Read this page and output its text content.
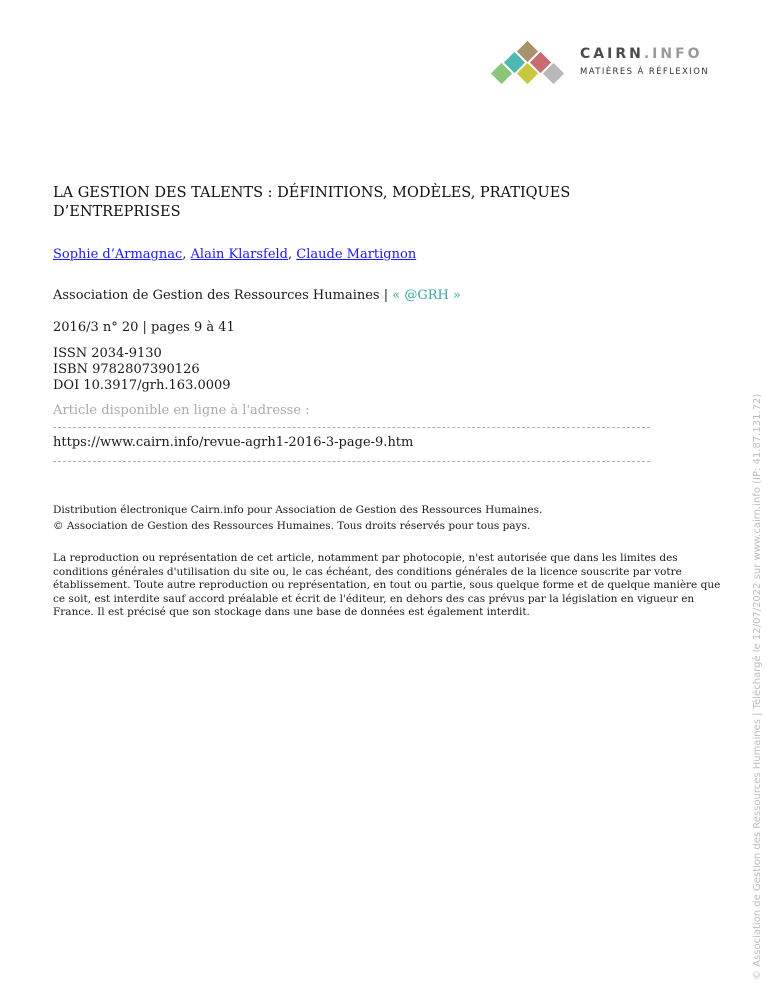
CAIRN.INFO
MATIÈRES À RÉFLEXION
LA GESTION DES TALENTS : DÉFINITIONS, MODÈLES, PRATIQUES D’ENTREPRISES
Sophie d’Armagnac, Alain Klarsfeld, Claude Martignon
Association de Gestion des Ressources Humaines | « @GRH »
2016/3 n° 20 | pages 9 à 41
ISSN 2034-9130
ISBN 9782807390126
DOI 10.3917/grh.163.0009
Article disponible en ligne à l'adresse :
https://www.cairn.info/revue-agrh1-2016-3-page-9.htm
Distribution électronique Cairn.info pour Association de Gestion des Ressources Humaines.
© Association de Gestion des Ressources Humaines. Tous droits réservés pour tous pays.
La reproduction ou représentation de cet article, notamment par photocopie, n'est autorisée que dans les limites des conditions générales d'utilisation du site ou, le cas échéant, des conditions générales de la licence souscrite par votre établissement. Toute autre reproduction ou représentation, en tout ou partie, sous quelque forme et de quelque manière que ce soit, est interdite sauf accord préalable et écrit de l'éditeur, en dehors des cas prévus par la législation en vigueur en France. Il est précisé que son stockage dans une base de données est également interdit.	© Association de Gestion des Ressources Humaines | Téléchargé le 12/07/2022 sur www.cairn.info (IP: 41.87.131.72)
